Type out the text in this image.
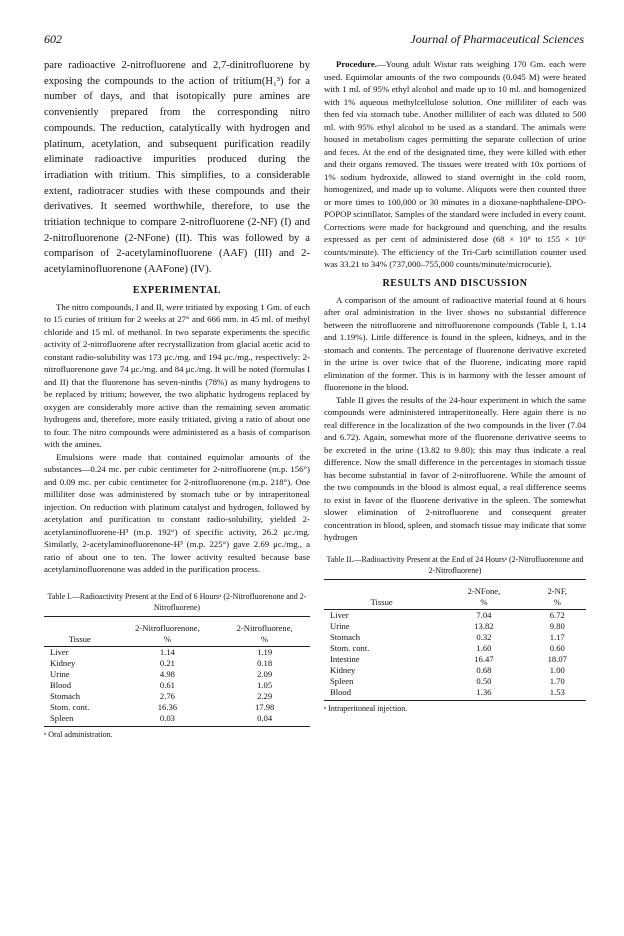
602	Journal of Pharmaceutical Sciences

pare radioactive 2-nitrofluorene and 2,7-dinitrofluorene by exposing the compounds to the action of tritium(H₁³) for a number of days, and that isotopically pure amines are conveniently prepared from the corresponding nitro compounds. The reduction, catalytically with hydrogen and platinum, acetylation, and subsequent purification readily eliminate radioactive impurities produced during the irradiation with tritium. This simplifies, to a considerable extent, radiotracer studies with these compounds and their derivatives. It seemed worthwhile, therefore, to use the tritiation technique to compare 2-nitrofluorene (2-NF) (I) and 2-nitrofluorenone (2-NFone) (II). This was followed by a comparison of 2-acetylaminofluorene (AAF) (III) and 2-acetylaminofluorenone (AAFone) (IV).

EXPERIMENTAL

The nitro compounds, I and II, were tritiated by exposing 1 Gm. of each to 15 curies of tritium for 2 weeks at 27° and 666 mm. in 45 ml. of methyl chloride and 15 ml. of methanol. In two separate experiments the specific activity of 2-nitrofluorene after recrystallization from glacial acetic acid to constant radio-solubility was 173 μc./mg. and 194 μc./mg., respectively: 2-nitrofluorenone gave 74 μc./mg. and 84 μc./mg. It will be noted (formulas I and II) that the fluorenone has seven-ninths (78%) as many hydrogens to be replaced by tritium; however, the two aliphatic hydrogens replaced by oxygen are considerably more active than the remaining seven aromatic hydrogens and, therefore, more easily tritiated, giving a ratio of about one to four. The nitro compounds were administered as a basis of comparison with the amines.

Emulsions were made that contained equimolar amounts of the substances—0.24 mc. per cubic centimeter for 2-nitrofluorene (m.p. 156°) and 0.09 mc. per cubic centimeter for 2-nitrofluorenone (m.p. 218°). One milliliter dose was administered by stomach tube or by intraperitoneal injection. On reduction with platinum catalyst and hydrogen, followed by acetylation and purification to constant radio-solubility, yielded 2-acetylaminofluorene-H³ (m.p. 192°) of specific activity, 26.2 μc./mg. Similarly, 2-acetylaminofluorenone-H³ (m.p. 225°) gave 2.69 μc./mg., a ratio of about one to ten. The lower activity resulted because base acetylaminofluorenone was added in the purification process.

Table I.—Radioactivity Present at the End of 6 Hoursᵃ (2-Nitrofluorenone and 2-Nitrofluorene)

	2-Nitrofluorenone,	2-Nitrofluorene,
Tissue	%	%
Liver	1.14	1.19
Kidney	0.21	0.18
Urine	4.98	2.09
Blood	0.61	1.05
Stomach	2.76	2.29
Stom. cont.	16.36	17.98
Spleen	0.03	0.04

ᵃ Oral administration.

Procedure.—Young adult Wistar rats weighing 170 Gm. each were used. Equimolar amounts of the two compounds (0.045 M) were heated with 1 ml. of 95% ethyl alcohol and made up to 10 ml. and homogenized with 1% aqueous methylcellulose solution. One milliliter of each was then fed via stomach tube. Another milliliter of each was diluted to 500 ml. with 95% ethyl alcohol to be used as a standard. The animals were housed in metabolism cages permitting the separate collection of urine and feces. At the end of the designated time, they were killed with ether and their organs removed. The tissues were treated with 10x portions of 1% sodium hydroxide, allowed to stand overnight in the cold room, homogenized, and made up to volume. Aliquots were then counted three or more times to 100,000 or 30 minutes in a dioxane-naphthalene-DPO-POPOP scintillator. Samples of the standard were included in every count. Corrections were made for background and quenching, and the results expressed as per cent of administered dose (68 × 10⁶ to 155 × 10⁶ counts/minute). The efficiency of the Tri-Carb scintillation counter used was 33.21 to 34% (737,000–755,000 counts/minute/microcurie).

RESULTS AND DISCUSSION

A comparison of the amount of radioactive material found at 6 hours after oral administration in the liver shows no substantial difference between the nitrofluorene and nitrofluorenone compounds (Table I, 1.14 and 1.19%). Little difference is found in the spleen, kidneys, and in the stomach and contents. The percentage of fluorenone derivative excreted in the urine is over twice that of the fluorene, indicating more rapid elimination of the former. This is in harmony with the lesser amount of fluorenone in the blood.

Table II gives the results of the 24-hour experiment in which the same compounds were administered intraperitoneally. Here again there is no real difference in the localization of the two compounds in the liver (7.04 and 6.72). Again, somewhat more of the fluorenone derivative seems to be excreted in the urine (13.82 to 9.80); this may thus indicate a real difference. Now the small difference in the percentages in stomach tissue has become substantial in favor of 2-nitrofluorene. While the amount of the two compounds in the blood is almost equal, a real difference seems to exist in favor of the fluorene derivative in the spleen. The somewhat slower elimination of 2-nitrofluorene and consequent greater concentration in blood, spleen, and stomach tissue may indicate that some hydrogen

Table II.—Radioactivity Present at the End of 24 Hoursᵃ (2-Nitrofluorenone and 2-Nitrofluorene)

	2-NFone,	2-NF,
Tissue	%	%
Liver	7.04	6.72
Urine	13.82	9.80
Stomach	0.32	1.17
Stom. cont.	1.60	0.60
Intestine	16.47	18.07
Kidney	0.68	1.00
Spleen	0.50	1.70
Blood	1.36	1.53

ᵃ Intraperitoneal injection.
